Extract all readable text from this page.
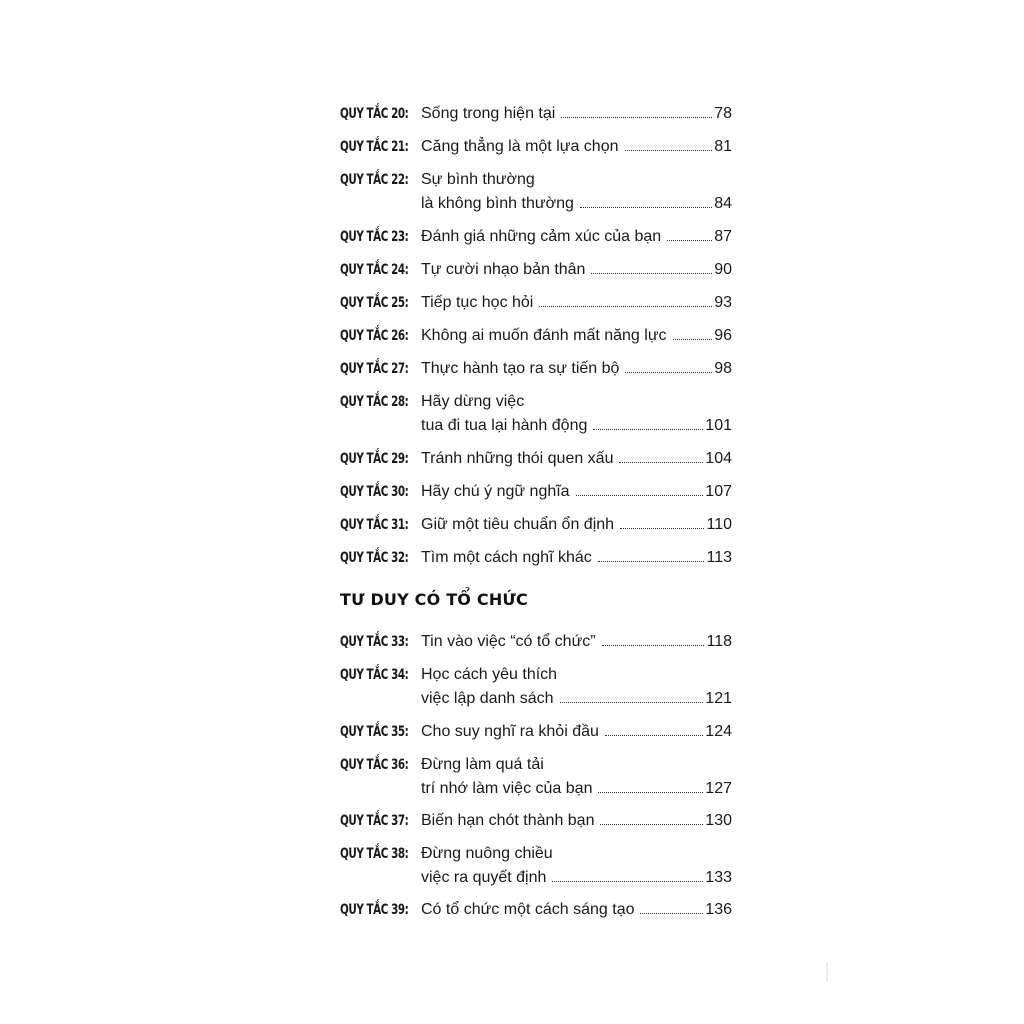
QUY TẮC 20: Sống trong hiện tại	78
QUY TẮC 21: Căng thẳng là một lựa chọn	81
QUY TẮC 22: Sự bình thường
là không bình thường	84
QUY TẮC 23: Đánh giá những cảm xúc của bạn	87
QUY TẮC 24: Tự cười nhạo bản thân	90
QUY TẮC 25: Tiếp tục học hỏi	93
QUY TẮC 26: Không ai muốn đánh mất năng lực	96
QUY TẮC 27: Thực hành tạo ra sự tiến bộ	98
QUY TẮC 28: Hãy dừng việc
tua đi tua lại hành động	101
QUY TẮC 29: Tránh những thói quen xấu	104
QUY TẮC 30: Hãy chú ý ngữ nghĩa	107
QUY TẮC 31: Giữ một tiêu chuẩn ổn định	110
QUY TẮC 32: Tìm một cách nghĩ khác	113
TƯ DUY CÓ TỔ CHỨC
QUY TẮC 33: Tin vào việc “có tổ chức”	118
QUY TẮC 34: Học cách yêu thích
việc lập danh sách	121
QUY TẮC 35: Cho suy nghĩ ra khỏi đầu	124
QUY TẮC 36: Đừng làm quá tải
trí nhớ làm việc của bạn	127
QUY TẮC 37: Biến hạn chót thành bạn	130
QUY TẮC 38: Đừng nuông chiều
việc ra quyết định	133
QUY TẮC 39: Có tổ chức một cách sáng tạo	136
